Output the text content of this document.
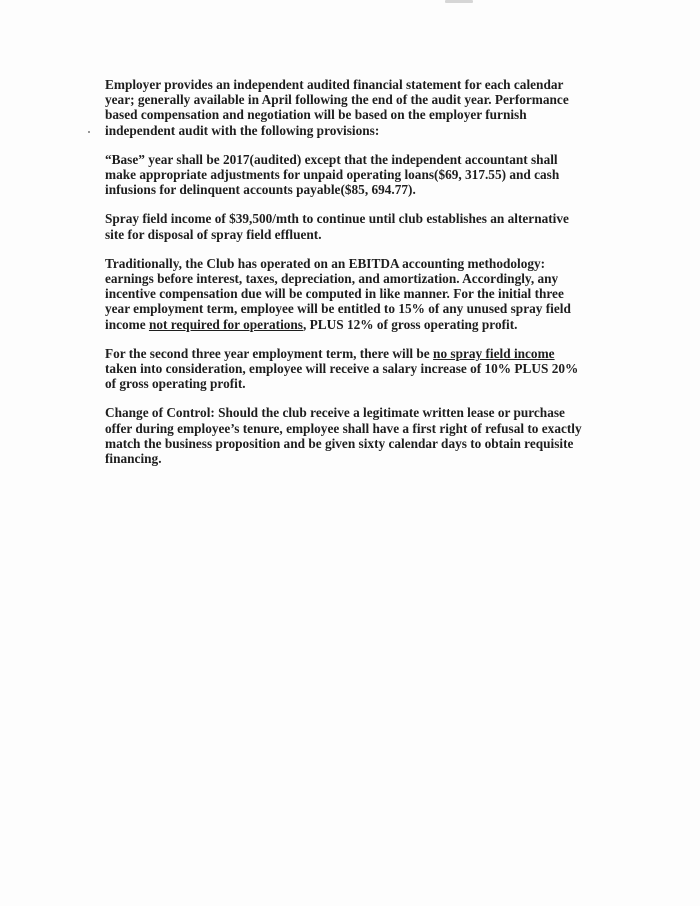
Employer provides an independent audited financial statement for each calendar
year; generally available in April following the end of the audit year. Performance
based compensation and negotiation will be based on the employer furnish
independent audit with the following provisions:

“Base” year shall be 2017(audited) except that the independent accountant shall
make appropriate adjustments for unpaid operating loans($69, 317.55) and cash
infusions for delinquent accounts payable($85, 694.77).

Spray field income of $39,500/mth to continue until club establishes an alternative
site for disposal of spray field effluent.

Traditionally, the Club has operated on an EBITDA accounting methodology:
earnings before interest, taxes, depreciation, and amortization. Accordingly, any
incentive compensation due will be computed in like manner. For the initial three
year employment term, employee will be entitled to 15% of any unused spray field
income not required for operations, PLUS 12% of gross operating profit.

For the second three year employment term, there will be no spray field income
taken into consideration, employee will receive a salary increase of 10% PLUS 20%
of gross operating profit.

Change of Control: Should the club receive a legitimate written lease or purchase
offer during employee’s tenure, employee shall have a first right of refusal to exactly
match the business proposition and be given sixty calendar days to obtain requisite
financing.
